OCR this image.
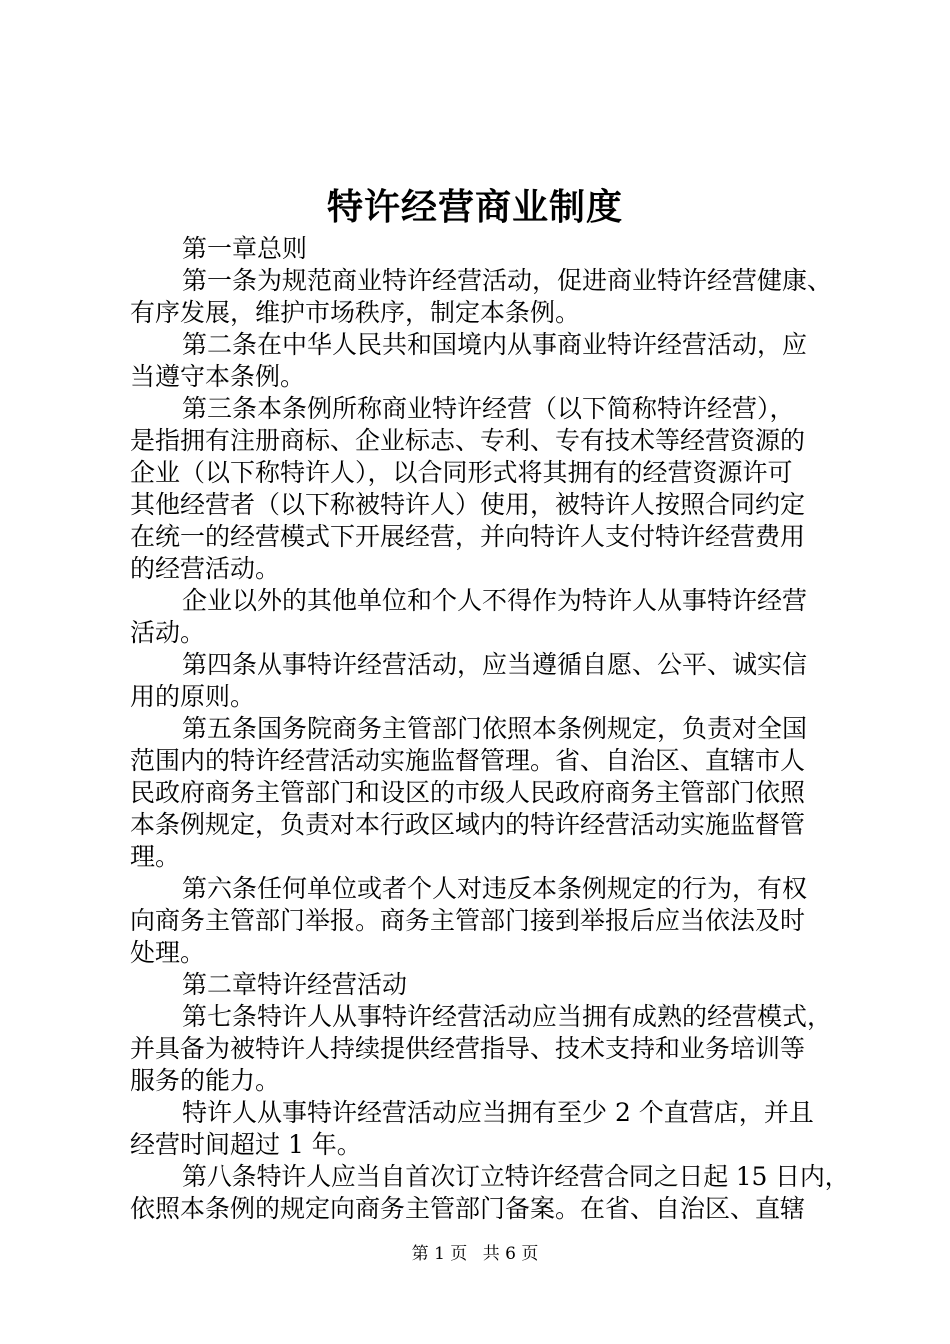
特许经营商业制度
第一章总则
第一条为规范商业特许经营活动，促进商业特许经营健康、
有序发展，维护市场秩序，制定本条例。
第二条在中华人民共和国境内从事商业特许经营活动，应
当遵守本条例。
第三条本条例所称商业特许经营（以下简称特许经营），
是指拥有注册商标、企业标志、专利、专有技术等经营资源的
企业（以下称特许人），以合同形式将其拥有的经营资源许可
其他经营者（以下称被特许人）使用，被特许人按照合同约定
在统一的经营模式下开展经营，并向特许人支付特许经营费用
的经营活动。
企业以外的其他单位和个人不得作为特许人从事特许经营
活动。
第四条从事特许经营活动，应当遵循自愿、公平、诚实信
用的原则。
第五条国务院商务主管部门依照本条例规定，负责对全国
范围内的特许经营活动实施监督管理。省、自治区、直辖市人
民政府商务主管部门和设区的市级人民政府商务主管部门依照
本条例规定，负责对本行政区域内的特许经营活动实施监督管
理。
第六条任何单位或者个人对违反本条例规定的行为，有权
向商务主管部门举报。商务主管部门接到举报后应当依法及时
处理。
第二章特许经营活动
第七条特许人从事特许经营活动应当拥有成熟的经营模式，
并具备为被特许人持续提供经营指导、技术支持和业务培训等
服务的能力。
特许人从事特许经营活动应当拥有至少 2 个直营店，并且
经营时间超过 1 年。
第八条特许人应当自首次订立特许经营合同之日起 15 日内，
依照本条例的规定向商务主管部门备案。在省、自治区、直辖
第 1 页 共 6 页
